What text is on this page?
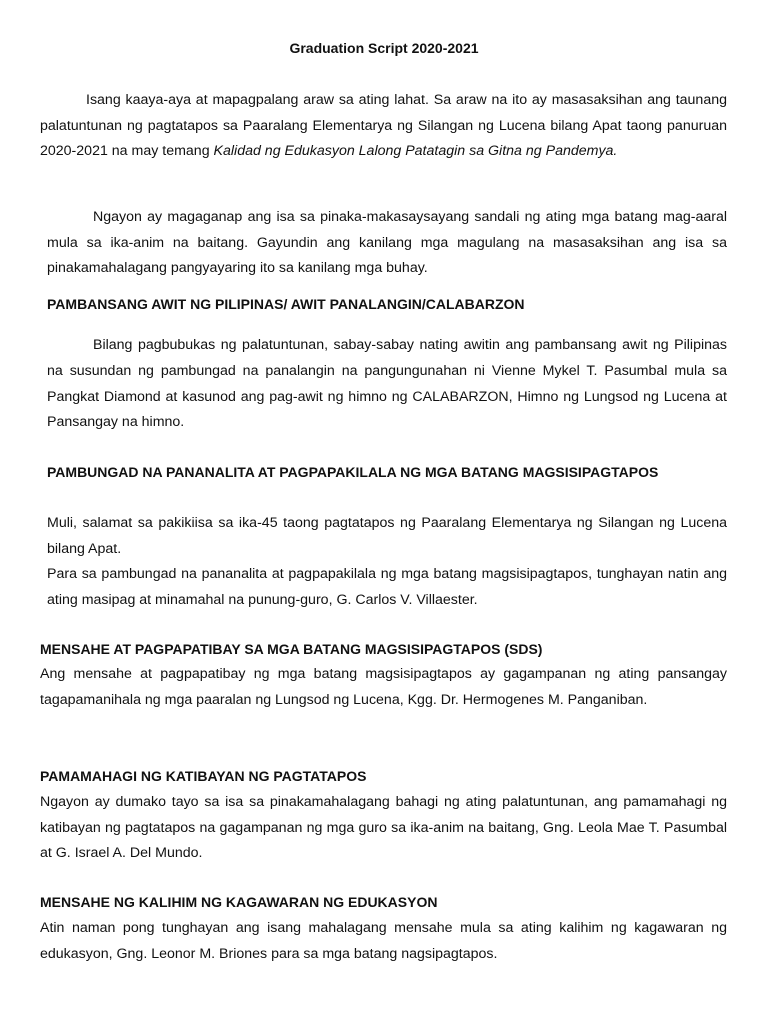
Graduation Script 2020-2021

Isang kaaya-aya at mapagpalang araw sa ating lahat. Sa araw na ito ay masasaksihan ang taunang palatuntunan ng pagtatapos sa Paaralang Elementarya ng Silangan ng Lucena bilang Apat taong panuruan 2020-2021 na may temang Kalidad ng Edukasyon Lalong Patatagin sa Gitna ng Pandemya.

Ngayon ay magaganap ang isa sa pinaka-makasaysayang sandali ng ating mga batang mag-aaral mula sa ika-anim na baitang. Gayundin ang kanilang mga magulang na masasaksihan ang isa sa pinakamahalagang pangyayaring ito sa kanilang mga buhay.

PAMBANSANG AWIT NG PILIPINAS/ AWIT PANALANGIN/CALABARZON

Bilang pagbubukas ng palatuntunan, sabay-sabay nating awitin ang pambansang awit ng Pilipinas na susundan ng pambungad na panalangin na pangungunahan ni Vienne Mykel T. Pasumbal mula sa Pangkat Diamond at kasunod ang pag-awit ng himno ng CALABARZON, Himno ng Lungsod ng Lucena at Pansangay na himno.

PAMBUNGAD NA PANANALITA AT PAGPAPAKILALA NG MGA BATANG MAGSISIPAGTAPOS

Muli, salamat sa pakikiisa sa ika-45 taong pagtatapos ng Paaralang Elementarya ng Silangan ng Lucena bilang Apat.

Para sa pambungad na pananalita at pagpapakilala ng mga batang magsisipagtapos, tunghayan natin ang ating masipag at minamahal na punung-guro, G. Carlos V. Villaester.

MENSAHE AT PAGPAPATIBAY SA MGA BATANG MAGSISIPAGTAPOS (SDS)

Ang mensahe at pagpapatibay ng mga batang magsisipagtapos ay gagampanan ng ating pansangay tagapamanihala ng mga paaralan ng Lungsod ng Lucena, Kgg. Dr. Hermogenes M. Panganiban.

PAMAMAHAGI NG KATIBAYAN NG PAGTATAPOS

Ngayon ay dumako tayo sa isa sa pinakamahalagang bahagi ng ating palatuntunan, ang pamamahagi ng katibayan ng pagtatapos na gagampanan ng mga guro sa ika-anim na baitang, Gng. Leola Mae T. Pasumbal at G. Israel A. Del Mundo.

MENSAHE NG KALIHIM NG KAGAWARAN NG EDUKASYON

Atin naman pong tunghayan ang isang mahalagang mensahe mula sa ating kalihim ng kagawaran ng edukasyon, Gng. Leonor M. Briones para sa mga batang nagsipagtapos.
